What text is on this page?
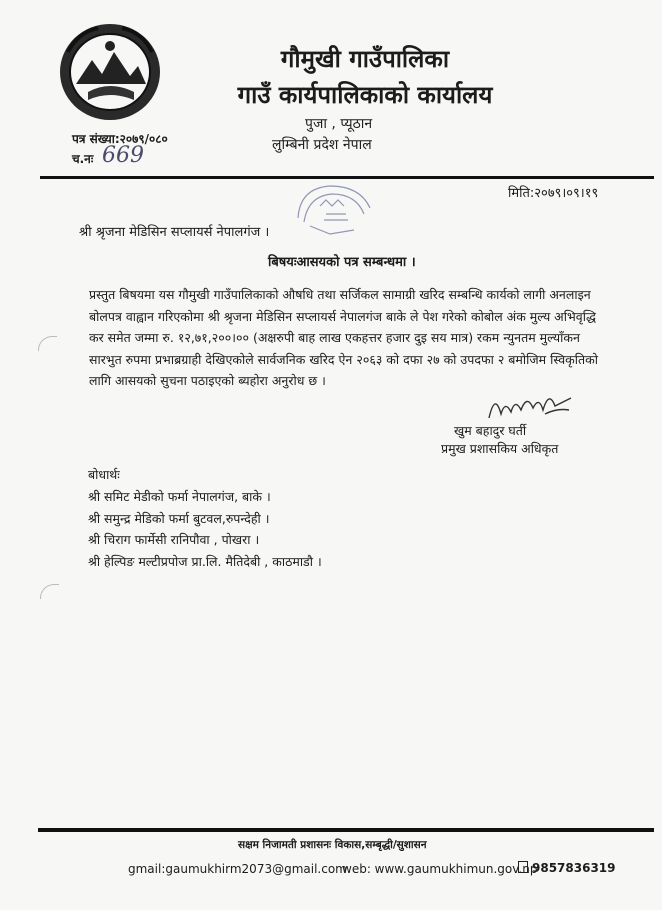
गौमुखी गाउँपालिका
गाउँ कार्यपालिकाको कार्यालय
पुजा , प्यूठान
लुम्बिनी प्रदेश नेपाल
पत्र संख्या:२०७९/०८०
च.नः 669
मिति:२०७९।०९।१९
श्री श्रृजना मेडिसिन सप्लायर्स नेपालगंज ।
बिषयःआसयको पत्र सम्बन्धमा ।
प्रस्तुत बिषयमा यस गौमुखी गाउँपालिकाको औषधि तथा सर्जिकल सामाग्री खरिद सम्बन्धि कार्यको लागी अनलाइन
बोलपत्र वाह्वान गरिएकोमा श्री श्रृजना मेडिसिन सप्लायर्स नेपालगंज बाके ले पेश गरेको कोबोल अंक मुल्य अभिवृद्धि
कर समेत जम्मा रु. १२,७१,२००।०० (अक्षरुपी बाह लाख एकहत्तर हजार दुइ सय मात्र) रकम न्युनतम मुल्याँकन
सारभुत रुपमा प्रभाब्रग्राही देखिएकोले सार्वजनिक खरिद ऐन २०६३ को दफा २७ को उपदफा २ बमोजिम स्विकृतिको
लागि आसयको सुचना पठाइएको ब्यहोरा अनुरोध छ ।
खुम बहादुर घर्ती
प्रमुख प्रशासकिय अधिकृत
बोधार्थः
श्री समिट मेडीको फर्मा नेपालगंज, बाके ।
श्री समुन्द्र मेडिको फर्मा बुटवल,रुपन्देही ।
श्री चिराग फार्मेसी रानिपौवा , पोखरा ।
श्री हेल्पिङ मल्टीप्रपोज प्रा.लि. मैतिदेबी , काठमाडौ ।
सक्षम निजामती प्रशासनः विकास,सम्बृद्धी/सुशासन
gmail:gaumukhirm2073@gmail.com
web: www.gaumukhimun.gov.np
9857836319
